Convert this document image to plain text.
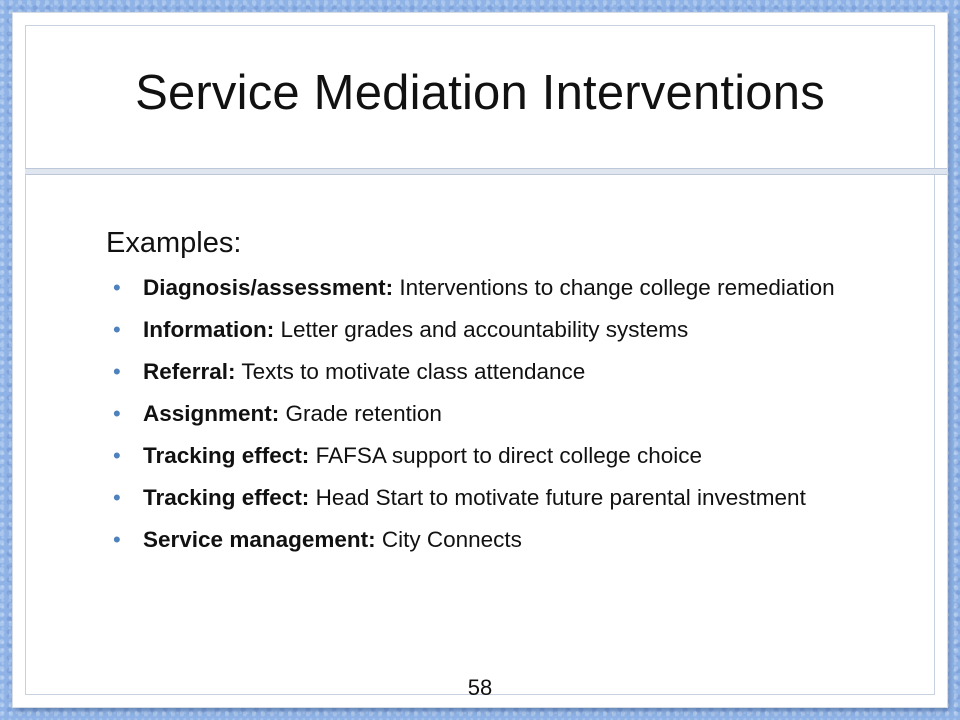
Service Mediation Interventions
Examples:
• Diagnosis/assessment: Interventions to change college remediation
• Information: Letter grades and accountability systems
• Referral: Texts to motivate class attendance
• Assignment: Grade retention
• Tracking effect: FAFSA support to direct college choice
• Tracking effect: Head Start to motivate future parental investment
• Service management: City Connects
58
